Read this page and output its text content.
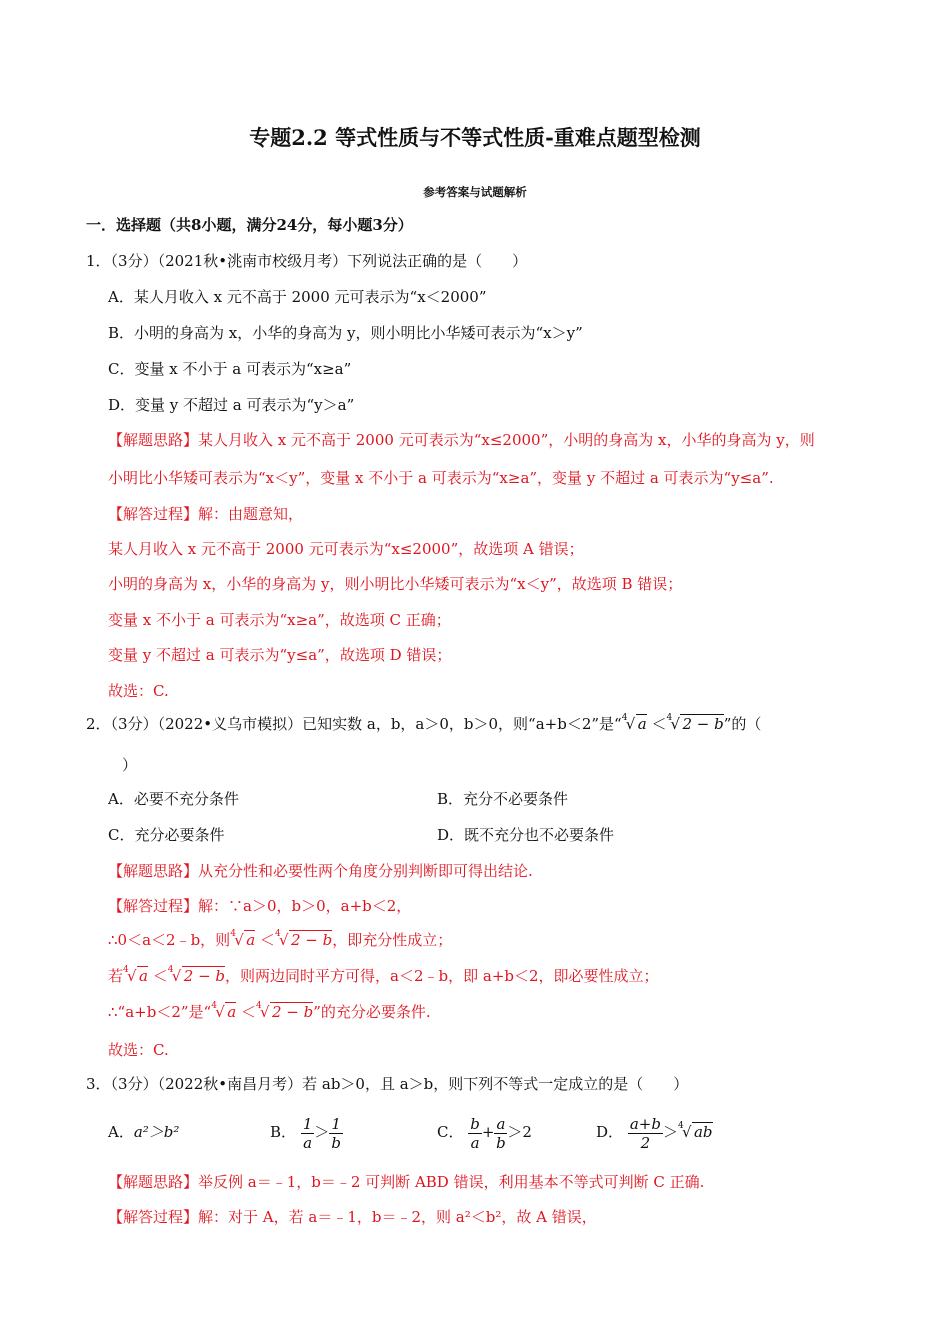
专题2.2 等式性质与不等式性质-重难点题型检测
参考答案与试题解析
一．选择题（共8小题，满分24分，每小题3分）
1．（3分）（2021秋•洮南市校级月考）下列说法正确的是（　　）
A．某人月收入 x 元不高于 2000 元可表示为“x＜2000”
B．小明的身高为 x，小华的身高为 y，则小明比小华矮可表示为“x＞y”
C．变量 x 不小于 a 可表示为“x≥a”
D．变量 y 不超过 a 可表示为“y＞a”
【解题思路】某人月收入 x 元不高于 2000 元可表示为“x≤2000”，小明的身高为 x，小华的身高为 y，则
小明比小华矮可表示为“x＜y”，变量 x 不小于 a 可表示为“x≥a”，变量 y 不超过 a 可表示为“y≤a”.
【解答过程】解：由题意知，
某人月收入 x 元不高于 2000 元可表示为“x≤2000”，故选项 A 错误；
小明的身高为 x，小华的身高为 y，则小明比小华矮可表示为“x＜y”，故选项 B 错误；
变量 x 不小于 a 可表示为“x≥a”，故选项 C 正确；
变量 y 不超过 a 可表示为“y≤a”，故选项 D 错误；
故选：C.
2．（3分）（2022•义乌市模拟）已知实数 a，b，a＞0，b＞0，则“a+b＜2”是“ 4
√ a ＜ 4
√ 2 − b”的（
）
A．必要不充分条件	B．充分不必要条件
C．充分必要条件	D．既不充分也不必要条件
【解题思路】从充分性和必要性两个角度分别判断即可得出结论.
【解答过程】解：∵a＞0，b＞0，a+b＜2，
∴0＜a＜2﹣b，则 4
√ a ＜ 4
√ 2 − b，即充分性成立；
若 4
√ a ＜ 4
√ 2 − b，则两边同时平方可得，a＜2﹣b，即 a+b＜2，即必要性成立；
∴“a+b＜2”是“ 4
√ a ＜ 4
√ 2 − b”的充分必要条件.
故选：C.
3．（3分）（2022秋•南昌月考）若 ab＞0，且 a＞b，则下列不等式一定成立的是（　　）
A．a²＞b²	B． $\frac{1}{a} > \frac{1}{b}$	C． $\frac{b}{a} + \frac{a}{b} >2$	D． $\frac{a+b}{2} > 4$
√ ab
【解题思路】举反例 a＝﹣1，b＝﹣2 可判断 ABD 错误，利用基本不等式可判断 C 正确.
【解答过程】解：对于 A，若 a＝﹣1，b＝﹣2，则 a²＜b²，故 A 错误，
